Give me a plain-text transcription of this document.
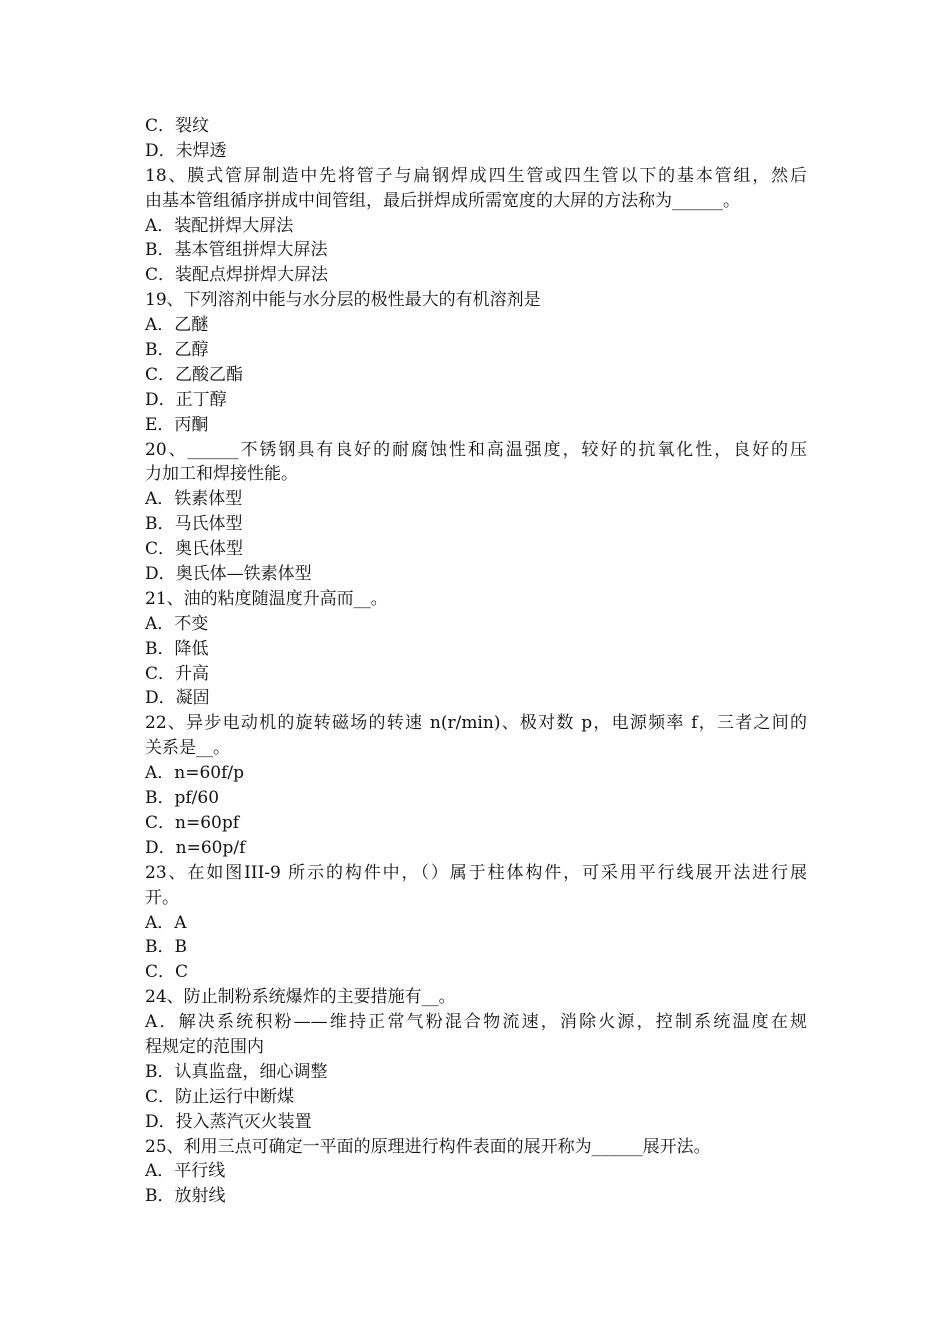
C．裂纹
D．未焊透
18、膜式管屏制造中先将管子与扁钢焊成四生管或四生管以下的基本管组，然后
由基本管组循序拼成中间管组，最后拼焊成所需宽度的大屏的方法称为______。
A．装配拼焊大屏法
B．基本管组拼焊大屏法
C．装配点焊拼焊大屏法
19、下列溶剂中能与水分层的极性最大的有机溶剂是
A．乙醚
B．乙醇
C．乙酸乙酯
D．正丁醇
E．丙酮
20、______不锈钢具有良好的耐腐蚀性和高温强度，较好的抗氧化性，良好的压
力加工和焊接性能。
A．铁素体型
B．马氏体型
C．奥氏体型
D．奥氏体—铁素体型
21、油的粘度随温度升高而__。
A．不变
B．降低
C．升高
D．凝固
22、异步电动机的旋转磁场的转速 n(r/min)、极对数 p，电源频率 f，三者之间的
关系是__。
A．n=60f/p
B．pf/60
C．n=60pf
D．n=60p/f
23、在如图III-9 所示的构件中，（）属于柱体构件，可采用平行线展开法进行展
开。
A．A
B．B
C．C
24、防止制粉系统爆炸的主要措施有__。
A．解决系统积粉——维持正常气粉混合物流速，消除火源，控制系统温度在规
程规定的范围内
B．认真监盘，细心调整
C．防止运行中断煤
D．投入蒸汽灭火装置
25、利用三点可确定一平面的原理进行构件表面的展开称为______展开法。
A．平行线
B．放射线
